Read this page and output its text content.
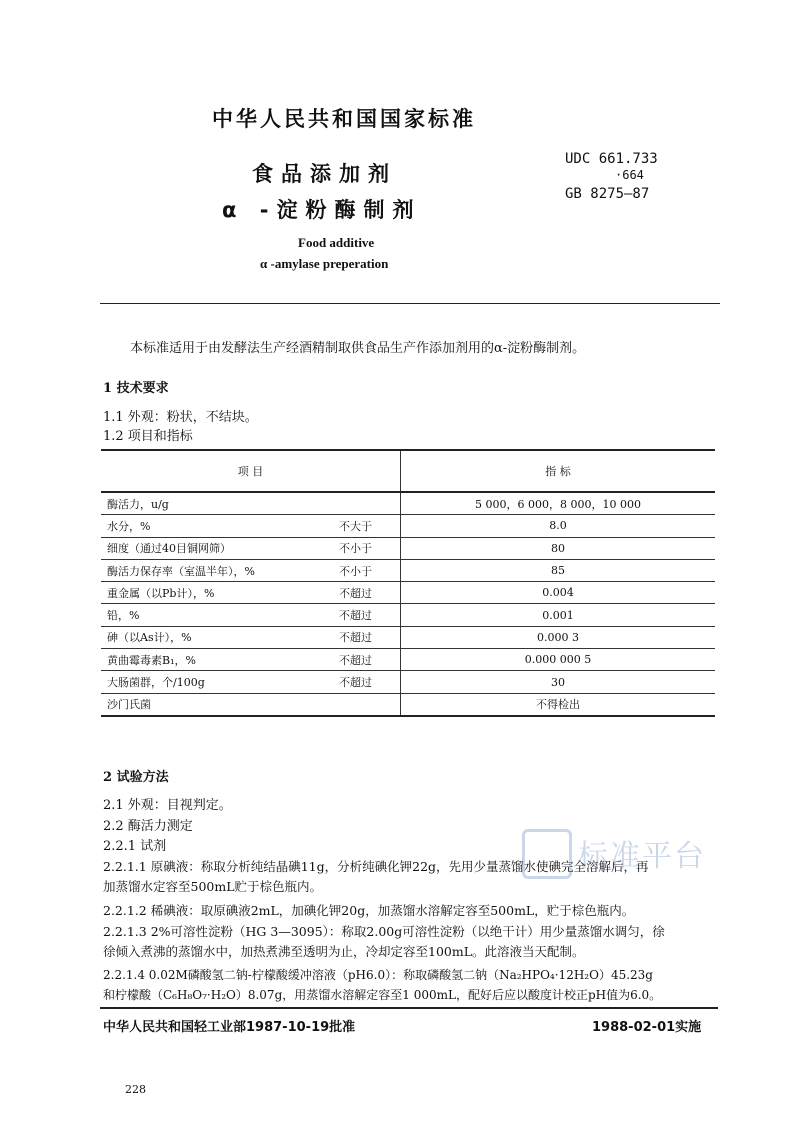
中华人民共和国国家标准
食品添加剂
α -淀粉酶制剂
UDC 661.733
·664
GB 8275—87
Food additive
α -amylase preperation
本标准适用于由发酵法生产经酒精制取供食品生产作添加剂用的α-淀粉酶制剂。
1 技术要求
1.1 外观：粉状，不结块。
1.2 项目和指标
项 目		指 标
酶活力，u/g		5 000，6 000，8 000，10 000
水分，%	不大于	8.0
细度（通过40目铜网筛）	不小于	80
酶活力保存率（室温半年），%	不小于	85
重金属（以Pb计），%	不超过	0.004
铅，%	不超过	0.001
砷（以As计），%	不超过	0.000 3
黄曲霉毒素B₁，%	不超过	0.000 000 5
大肠菌群，个/100g	不超过	30
沙门氏菌		不得检出
2 试验方法
2.1 外观：目视判定。
2.2 酶活力测定
2.2.1 试剂
2.2.1.1 原碘液：称取分析纯结晶碘11g，分析纯碘化钾22g，先用少量蒸馏水使碘完全溶解后，再
加蒸馏水定容至500mL贮于棕色瓶内。
2.2.1.2 稀碘液：取原碘液2mL，加碘化钾20g，加蒸馏水溶解定容至500mL，贮于棕色瓶内。
2.2.1.3 2%可溶性淀粉（HG 3—3095）：称取2.00g可溶性淀粉（以绝干计）用少量蒸馏水调匀，徐
徐倾入煮沸的蒸馏水中，加热煮沸至透明为止，冷却定容至100mL。此溶液当天配制。
2.2.1.4 0.02M磷酸氢二钠-柠檬酸缓冲溶液（pH6.0）：称取磷酸氢二钠（Na₂HPO₄·12H₂O）45.23g
和柠檬酸（C₆H₈O₇·H₂O）8.07g，用蒸馏水溶解定容至1 000mL，配好后应以酸度计校正pH值为6.0。
标准平台
中华人民共和国轻工业部1987-10-19批准	1988-02-01实施
228
